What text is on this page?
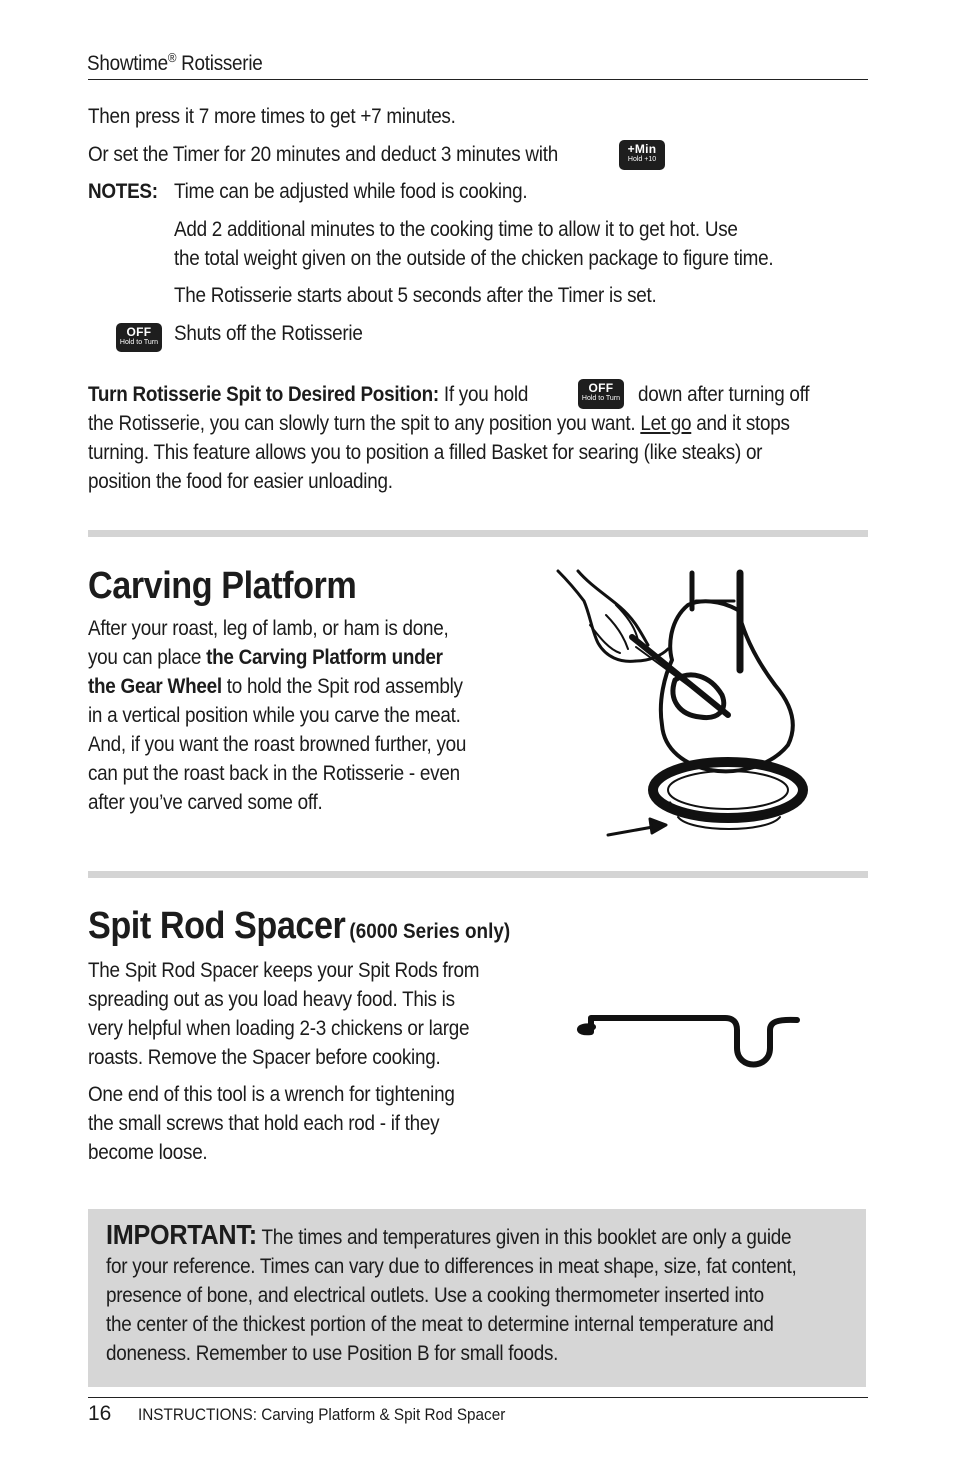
Showtime® Rotisserie
Then press it 7 more times to get +7 minutes.
Or set the Timer for 20 minutes and deduct 3 minutes with	+Min
Hold +10
NOTES: Time can be adjusted while food is cooking.
Add 2 additional minutes to the cooking time to allow it to get hot. Use
the total weight given on the outside of the chicken package to figure time.
The Rotisserie starts about 5 seconds after the Timer is set.
OFF
Hold to Turn Shuts off the Rotisserie
Turn Rotisserie Spit to Desired Position: If you hold	OFF
Hold to Turn down after turning off
the Rotisserie, you can slowly turn the spit to any position you want. Let go and it stops
turning. This feature allows you to position a filled Basket for searing (like steaks) or
position the food for easier unloading.
Carving Platform
After your roast, leg of lamb, or ham is done,
you can place the Carving Platform under
the Gear Wheel to hold the Spit rod assembly
in a vertical position while you carve the meat.
And, if you want the roast browned further, you
can put the roast back in the Rotisserie - even
after you’ve carved some off.
Spit Rod Spacer (6000 Series only)
The Spit Rod Spacer keeps your Spit Rods from
spreading out as you load heavy food. This is
very helpful when loading 2-3 chickens or large
roasts. Remove the Spacer before cooking.
One end of this tool is a wrench for tightening
the small screws that hold each rod - if they
become loose.
IMPORTANT: The times and temperatures given in this booklet are only a guide
for your reference. Times can vary due to differences in meat shape, size, fat content,
presence of bone, and electrical outlets. Use a cooking thermometer inserted into
the center of the thickest portion of the meat to determine internal temperature and
doneness. Remember to use Position B for small foods.
16 INSTRUCTIONS: Carving Platform & Spit Rod Spacer
